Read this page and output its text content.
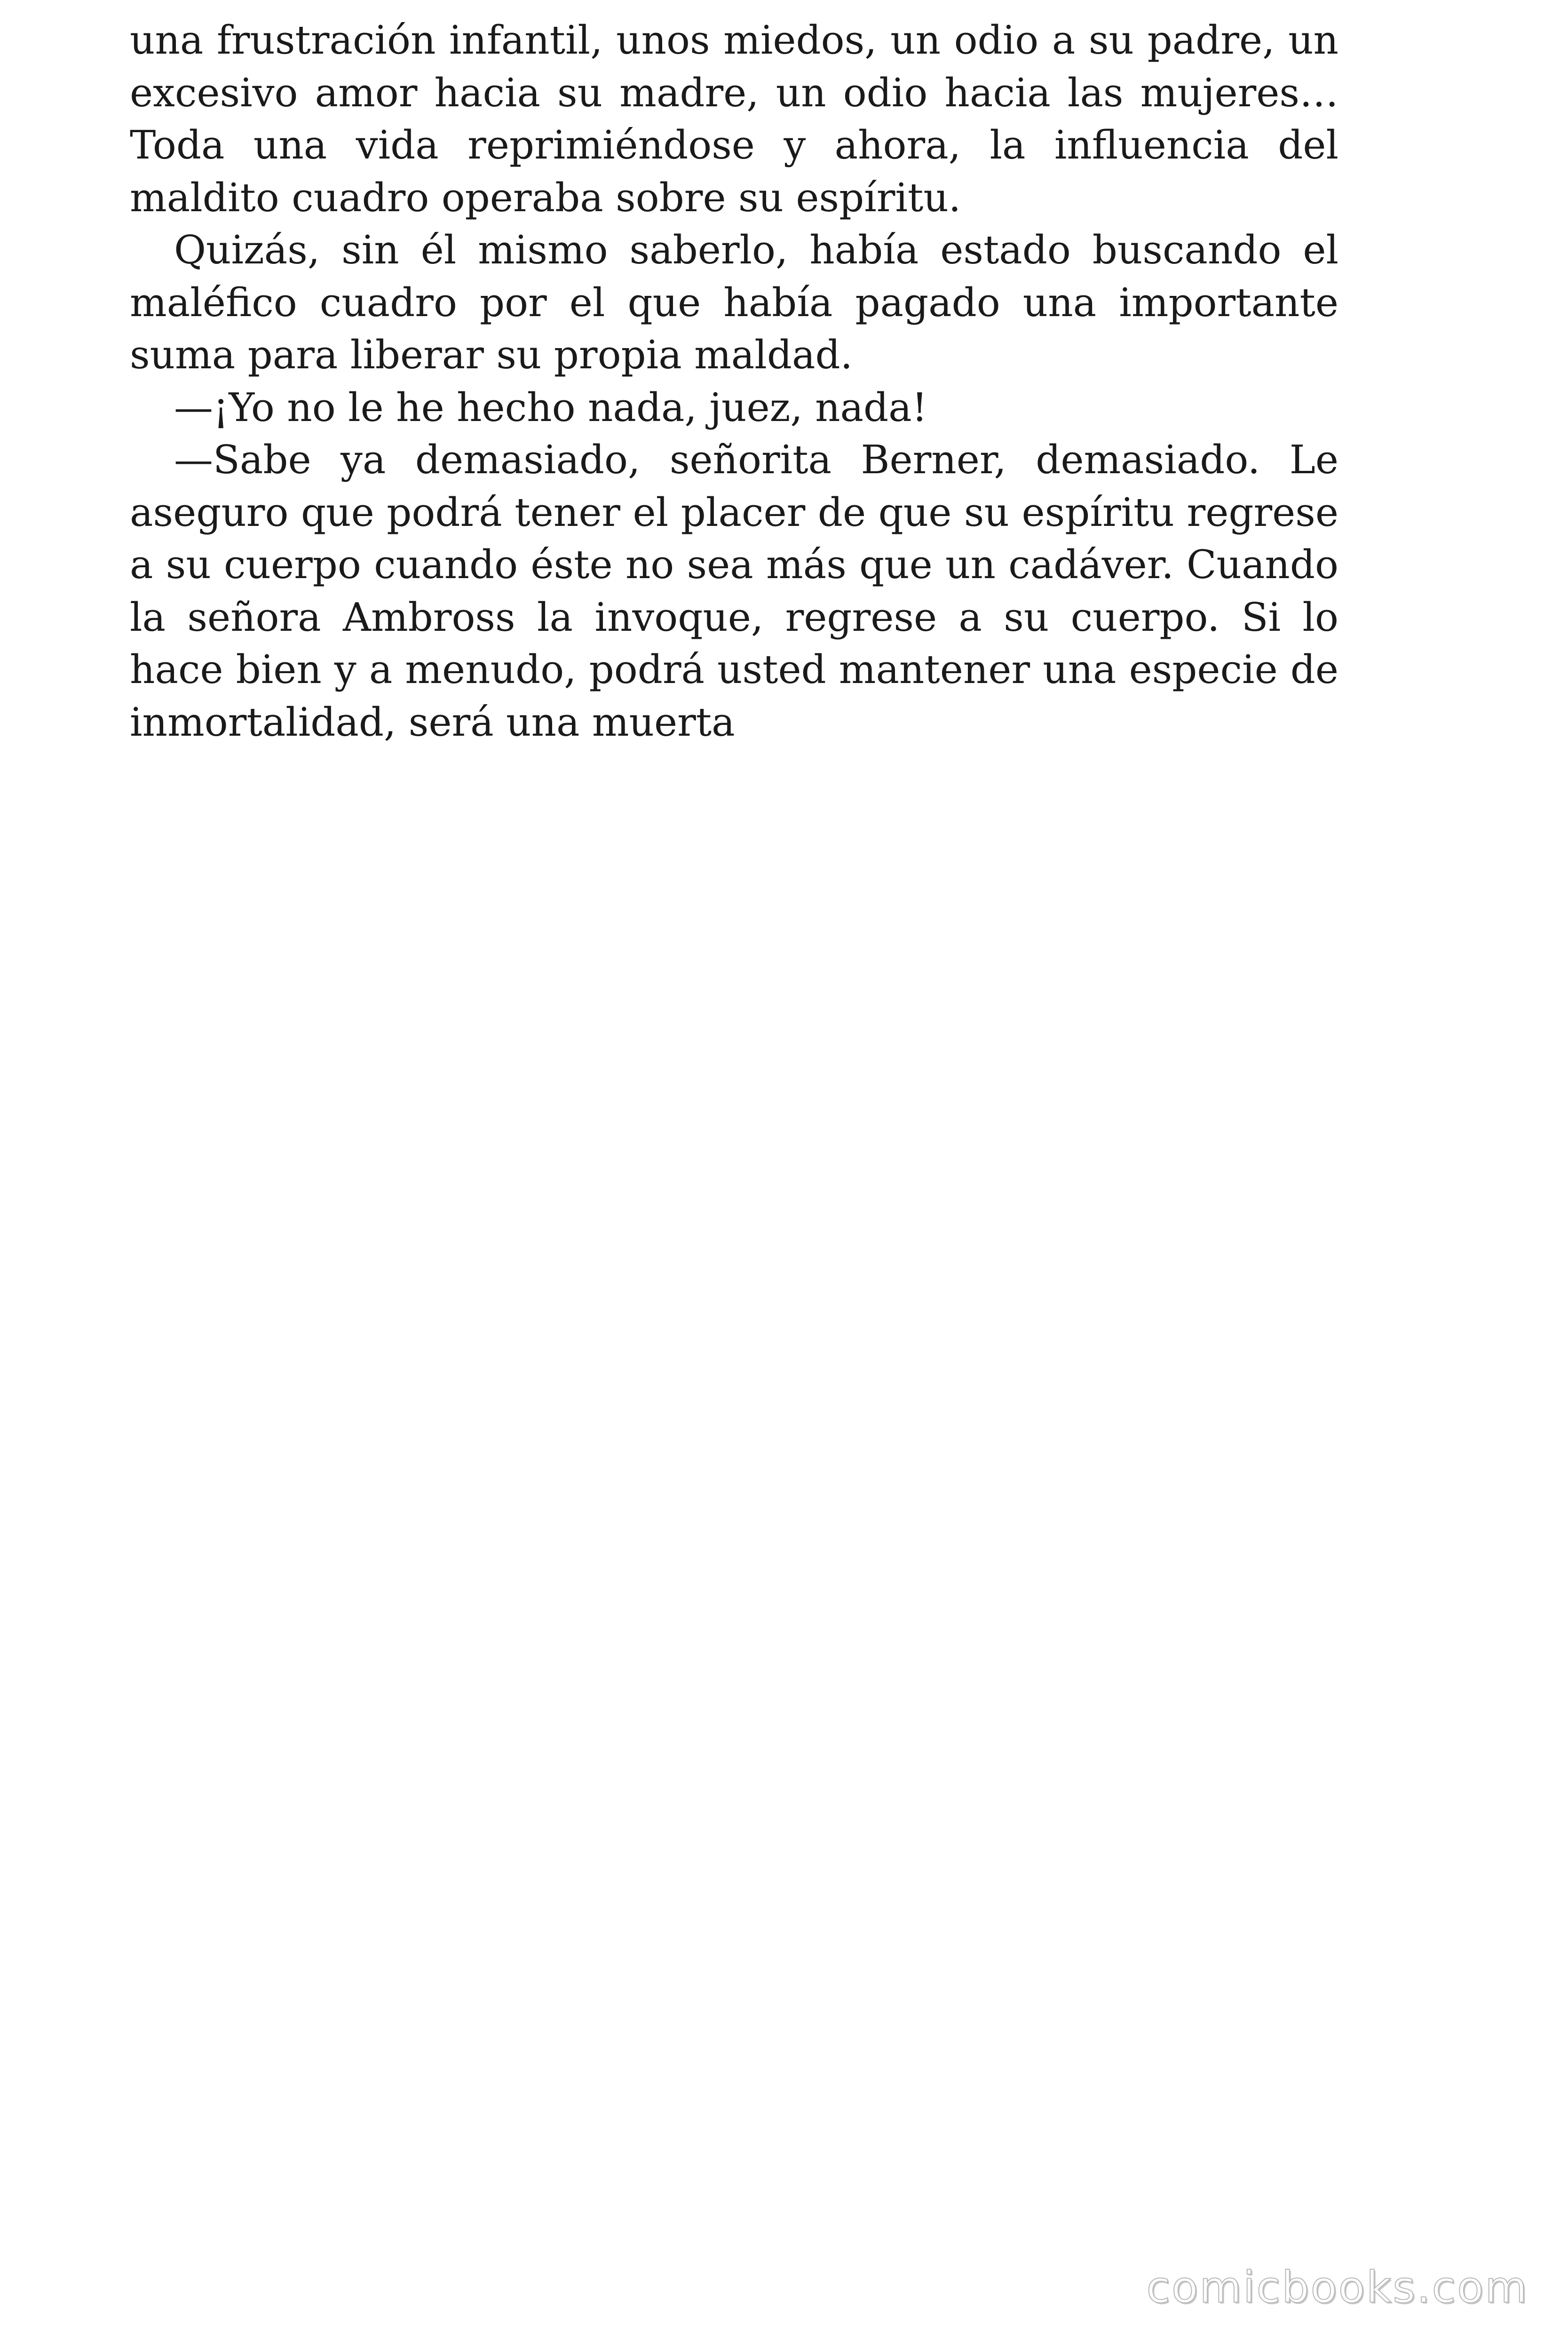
una frustración infantil, unos miedos, un odio a su padre, un excesivo amor hacia su madre, un odio hacia las mujeres… Toda una vida reprimiéndose y ahora, la influencia del maldito cuadro operaba sobre su espíritu.

Quizás, sin él mismo saberlo, había estado buscando el maléfico cuadro por el que había pagado una importante suma para liberar su propia maldad.

—¡Yo no le he hecho nada, juez, nada!

—Sabe ya demasiado, señorita Berner, demasiado. Le aseguro que podrá tener el placer de que su espíritu regrese a su cuerpo cuando éste no sea más que un cadáver. Cuando la señora Ambross la invoque, regrese a su cuerpo. Si lo hace bien y a menudo, podrá usted mantener una especie de inmortalidad, será una muerta

comicbooks.com
